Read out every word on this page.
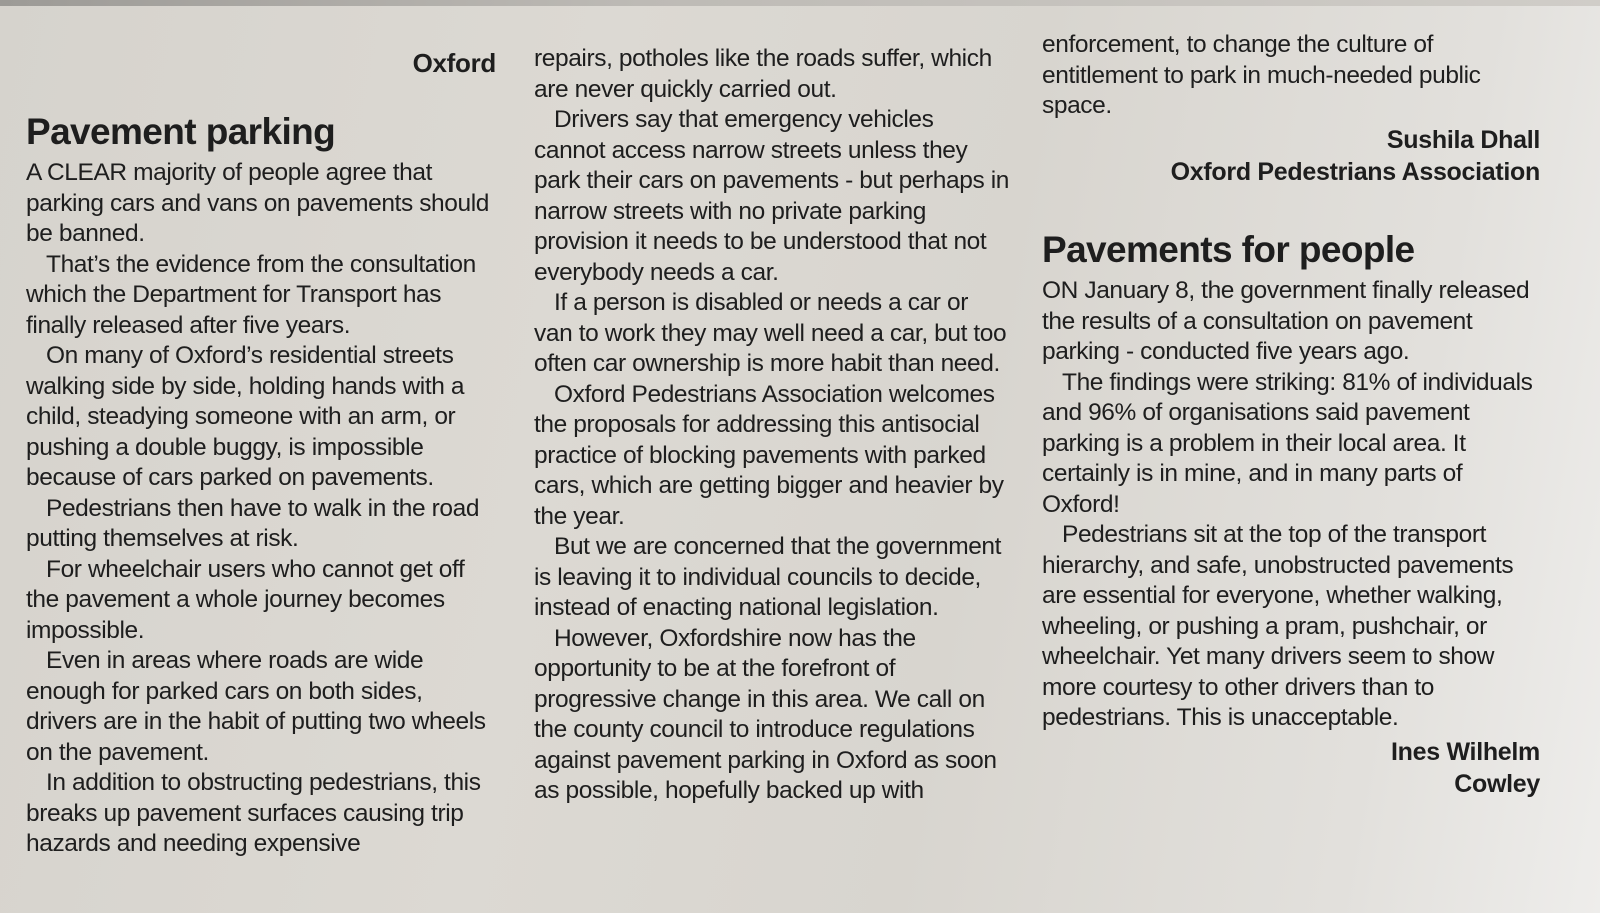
Oxford
Pavement parking

A CLEAR majority of people agree that parking cars and vans on pavements should be banned.

That’s the evidence from the consultation which the Department for Transport has finally released after five years.

On many of Oxford’s residential streets walking side by side, holding hands with a child, steadying someone with an arm, or pushing a double buggy, is impossible because of cars parked on pavements.

Pedestrians then have to walk in the road putting themselves at risk.

For wheelchair users who cannot get off the pavement a whole journey becomes impossible.

Even in areas where roads are wide enough for parked cars on both sides, drivers are in the habit of putting two wheels on the pavement.

In addition to obstructing pedestrians, this breaks up pavement surfaces causing trip hazards and needing expensive

repairs, potholes like the roads suffer, which are never quickly carried out.

Drivers say that emergency vehicles cannot access narrow streets unless they park their cars on pavements - but perhaps in narrow streets with no private parking provision it needs to be understood that not everybody needs a car.

If a person is disabled or needs a car or van to work they may well need a car, but too often car ownership is more habit than need.

Oxford Pedestrians Association welcomes the proposals for addressing this antisocial practice of blocking pavements with parked cars, which are getting bigger and heavier by the year.

But we are concerned that the government is leaving it to individual councils to decide, instead of enacting national legislation.

However, Oxfordshire now has the opportunity to be at the forefront of progressive change in this area. We call on the county council to introduce regulations against pavement parking in Oxford as soon as possible, hopefully backed up with

enforcement, to change the culture of entitlement to park in much-needed public space.

Sushila Dhall
Oxford Pedestrians Association
Pavements for people

ON January 8, the government finally released the results of a consultation on pavement parking - conducted five years ago.

The findings were striking: 81% of individuals and 96% of organisations said pavement parking is a problem in their local area. It certainly is in mine, and in many parts of Oxford!

Pedestrians sit at the top of the transport hierarchy, and safe, unobstructed pavements are essential for everyone, whether walking, wheeling, or pushing a pram, pushchair, or wheelchair. Yet many drivers seem to show more courtesy to other drivers than to pedestrians. This is unacceptable.

Ines Wilhelm
Cowley
